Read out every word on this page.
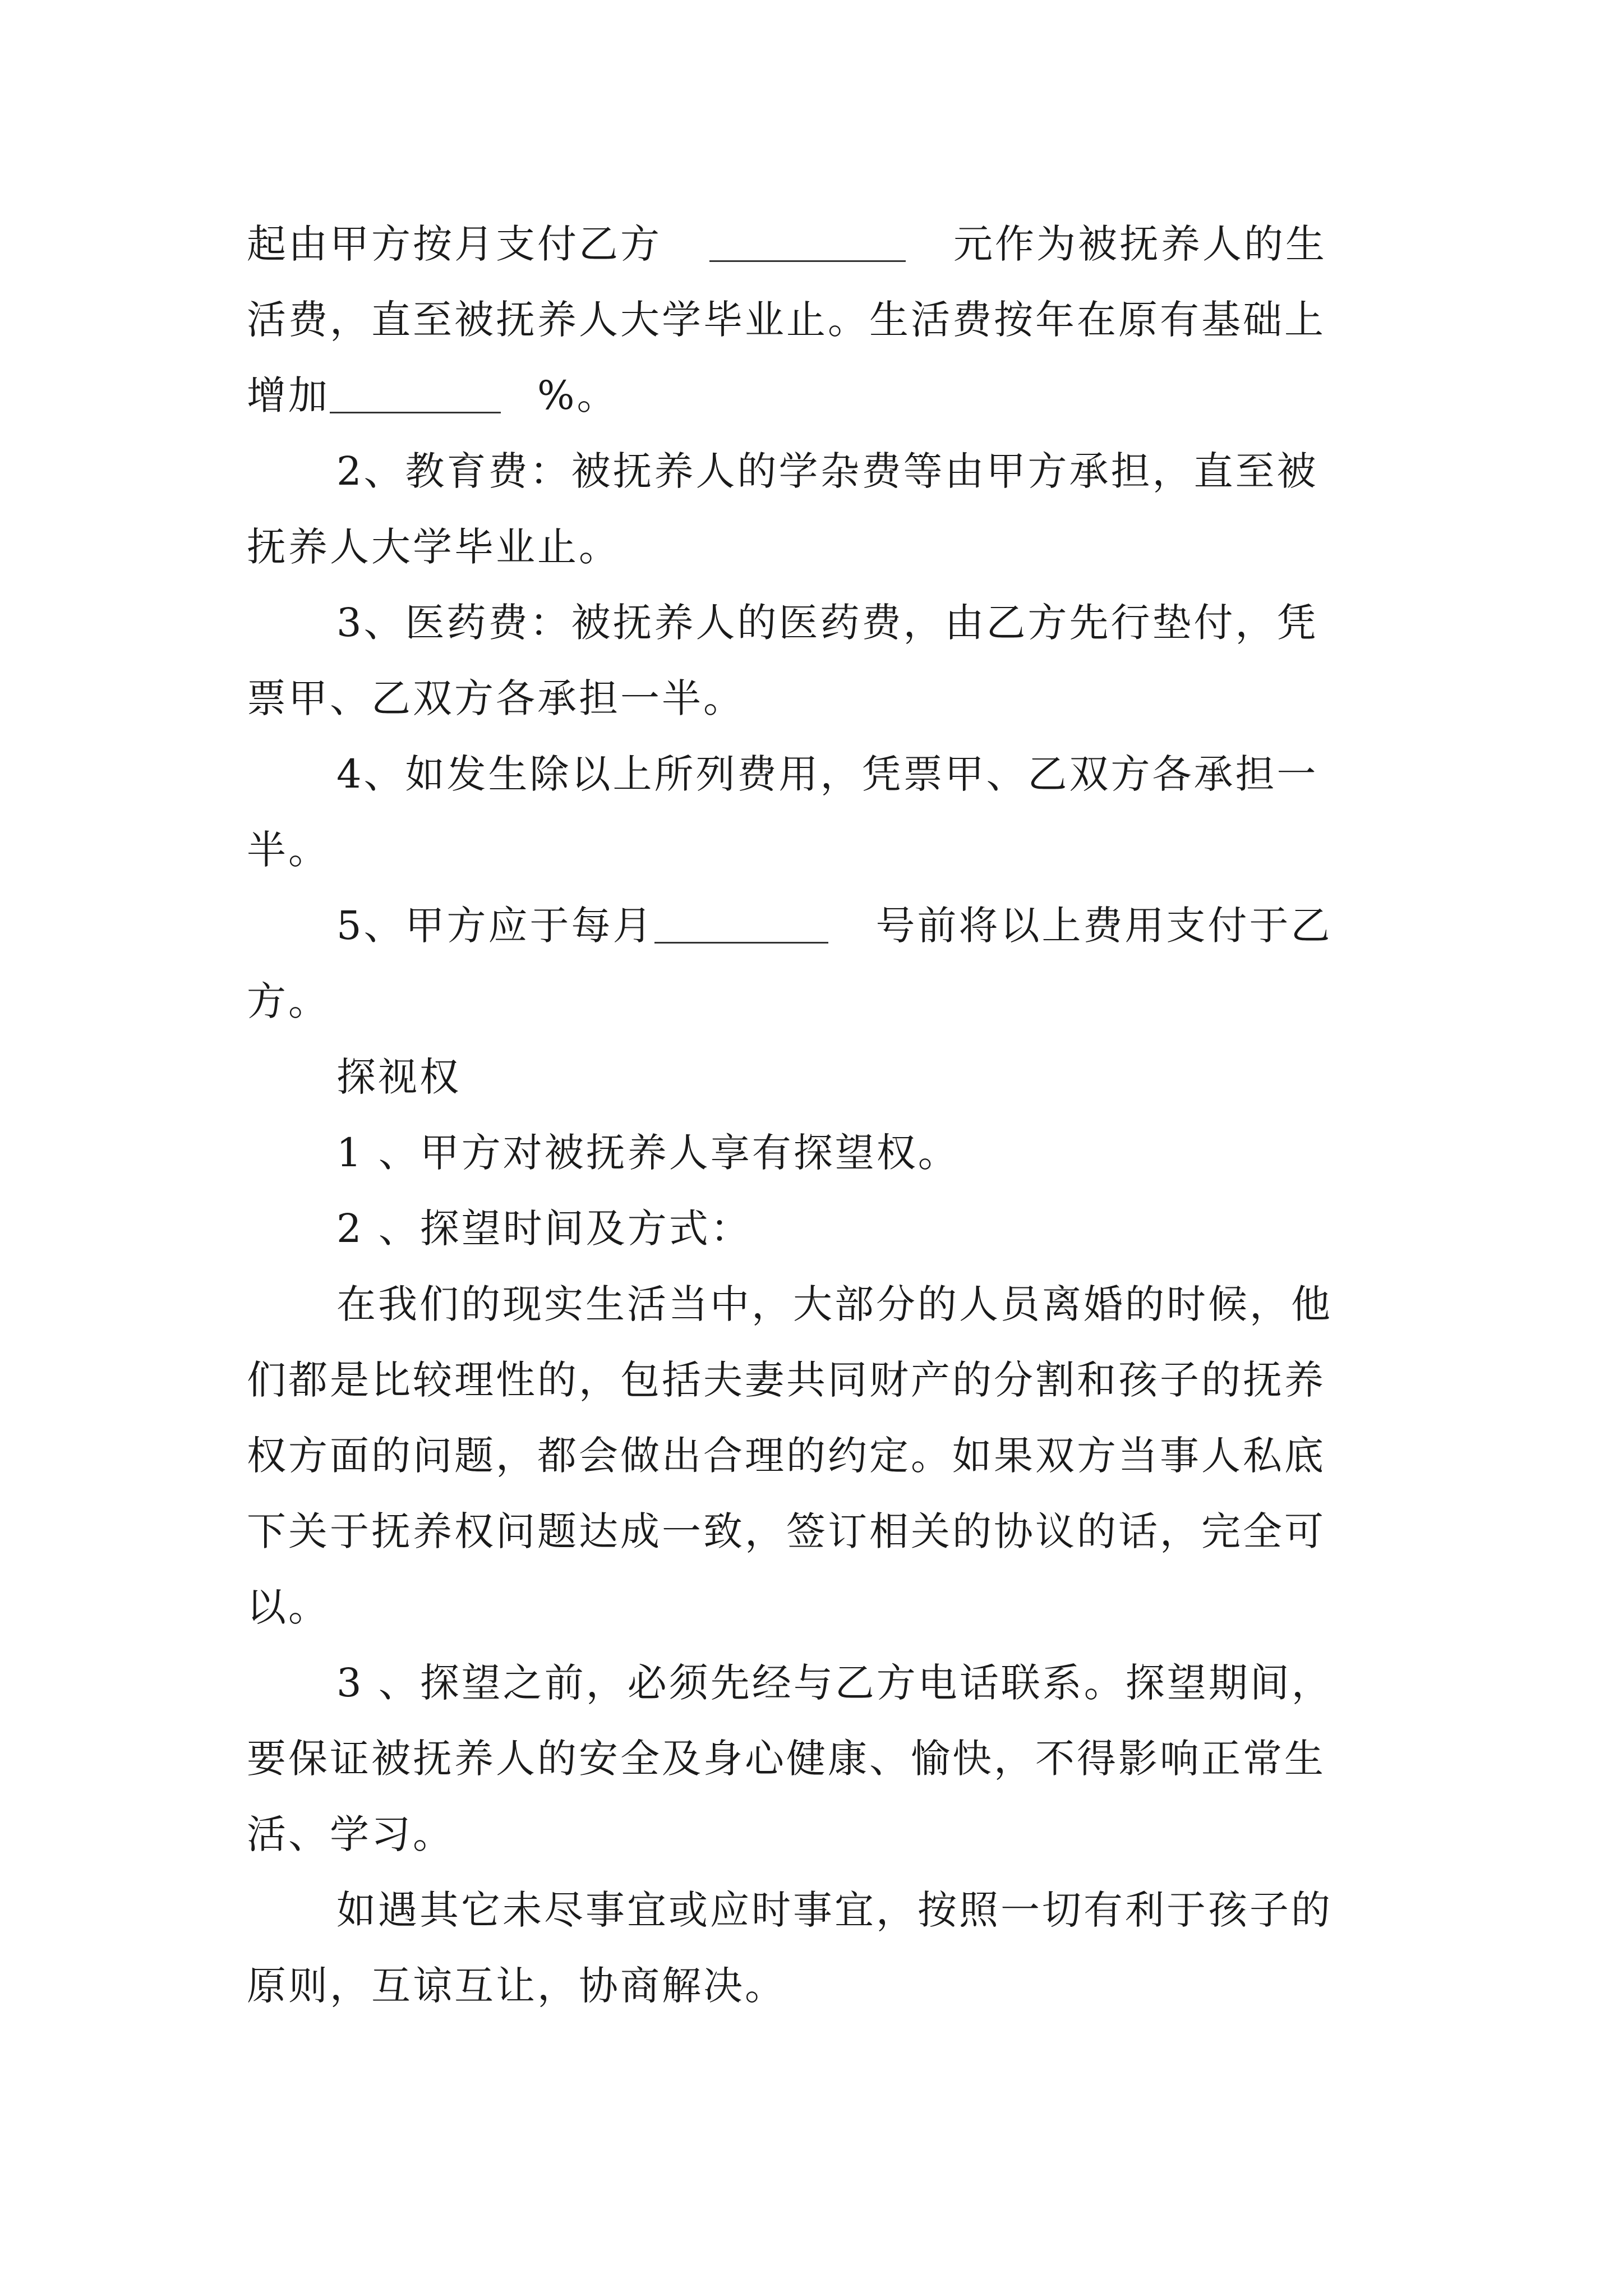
起由甲方按月支付乙方	元作为被抚养人的生
活费，直至被抚养人大学毕业止。生活费按年在原有基础上
增加	%。
2、教育费：被抚养人的学杂费等由甲方承担，直至被
抚养人大学毕业止。
3、医药费：被抚养人的医药费，由乙方先行垫付，凭
票甲、乙双方各承担一半。
4、如发生除以上所列费用，凭票甲、乙双方各承担一
半。
5、甲方应于每月	号前将以上费用支付于乙
方。
探视权
1 、甲方对被抚养人享有探望权。
2 、探望时间及方式：
在我们的现实生活当中，大部分的人员离婚的时候，他
们都是比较理性的，包括夫妻共同财产的分割和孩子的抚养
权方面的问题，都会做出合理的约定。如果双方当事人私底
下关于抚养权问题达成一致，签订相关的协议的话，完全可
以。
3 、探望之前，必须先经与乙方电话联系。探望期间，
要保证被抚养人的安全及身心健康、愉快，不得影响正常生
活、学习。
如遇其它未尽事宜或应时事宜，按照一切有利于孩子的
原则，互谅互让，协商解决。
